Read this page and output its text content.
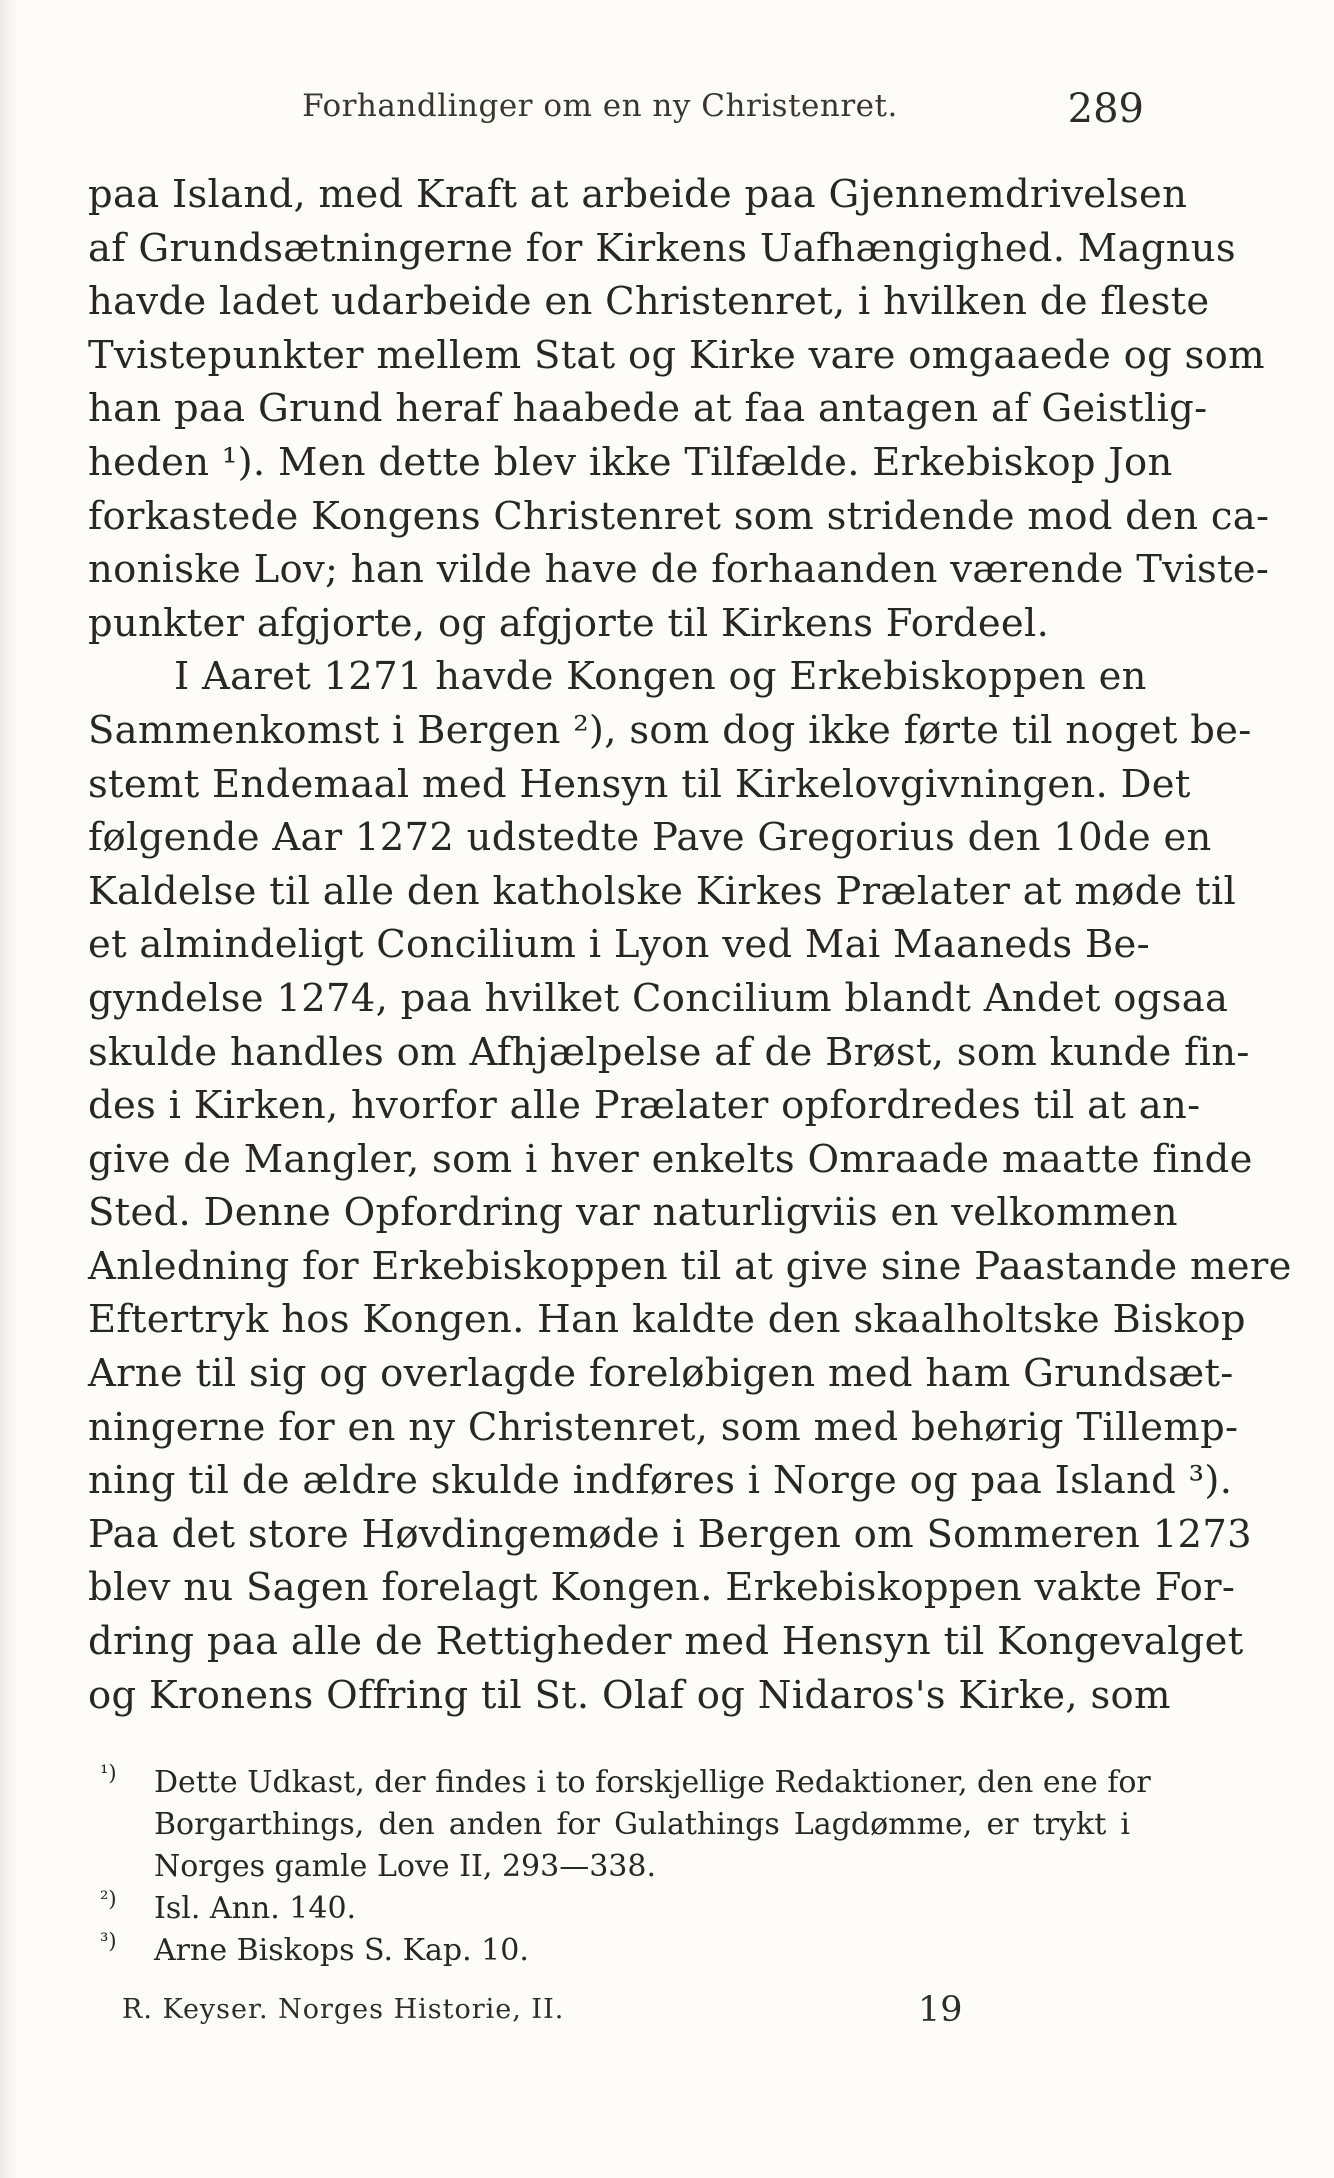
Forhandlinger om en ny Christenret.	289
paa Island, med Kraft at arbeide paa Gjennemdrivelsen
af Grundsætningerne for Kirkens Uafhængighed. Magnus
havde ladet udarbeide en Christenret, i hvilken de fleste
Tvistepunkter mellem Stat og Kirke vare omgaaede og som
han paa Grund heraf haabede at faa antagen af Geistlig-
heden ¹). Men dette blev ikke Tilfælde. Erkebiskop Jon
forkastede Kongens Christenret som stridende mod den ca-
noniske Lov; han vilde have de forhaanden værende Tviste-
punkter afgjorte, og afgjorte til Kirkens Fordeel.
I Aaret 1271 havde Kongen og Erkebiskoppen en
Sammenkomst i Bergen ²), som dog ikke førte til noget be-
stemt Endemaal med Hensyn til Kirkelovgivningen. Det
følgende Aar 1272 udstedte Pave Gregorius den 10de en
Kaldelse til alle den katholske Kirkes Prælater at møde til
et almindeligt Concilium i Lyon ved Mai Maaneds Be-
gyndelse 1274, paa hvilket Concilium blandt Andet ogsaa
skulde handles om Afhjælpelse af de Brøst, som kunde fin-
des i Kirken, hvorfor alle Prælater opfordredes til at an-
give de Mangler, som i hver enkelts Omraade maatte finde
Sted. Denne Opfordring var naturligviis en velkommen
Anledning for Erkebiskoppen til at give sine Paastande mere
Eftertryk hos Kongen. Han kaldte den skaalholtske Biskop
Arne til sig og overlagde foreløbigen med ham Grundsæt-
ningerne for en ny Christenret, som med behørig Tillemp-
ning til de ældre skulde indføres i Norge og paa Island ³).
Paa det store Høvdingemøde i Bergen om Sommeren 1273
blev nu Sagen forelagt Kongen. Erkebiskoppen vakte For-
dring paa alle de Rettigheder med Hensyn til Kongevalget
og Kronens Offring til St. Olaf og Nidaros's Kirke, som
¹) Dette Udkast, der findes i to forskjellige Redaktioner, den ene for
Borgarthings, den anden for Gulathings Lagdømme, er trykt i
Norges gamle Love II, 293—338.
²) Isl. Ann. 140.
³) Arne Biskops S. Kap. 10.
R. Keyser. Norges Historie, II.	19
